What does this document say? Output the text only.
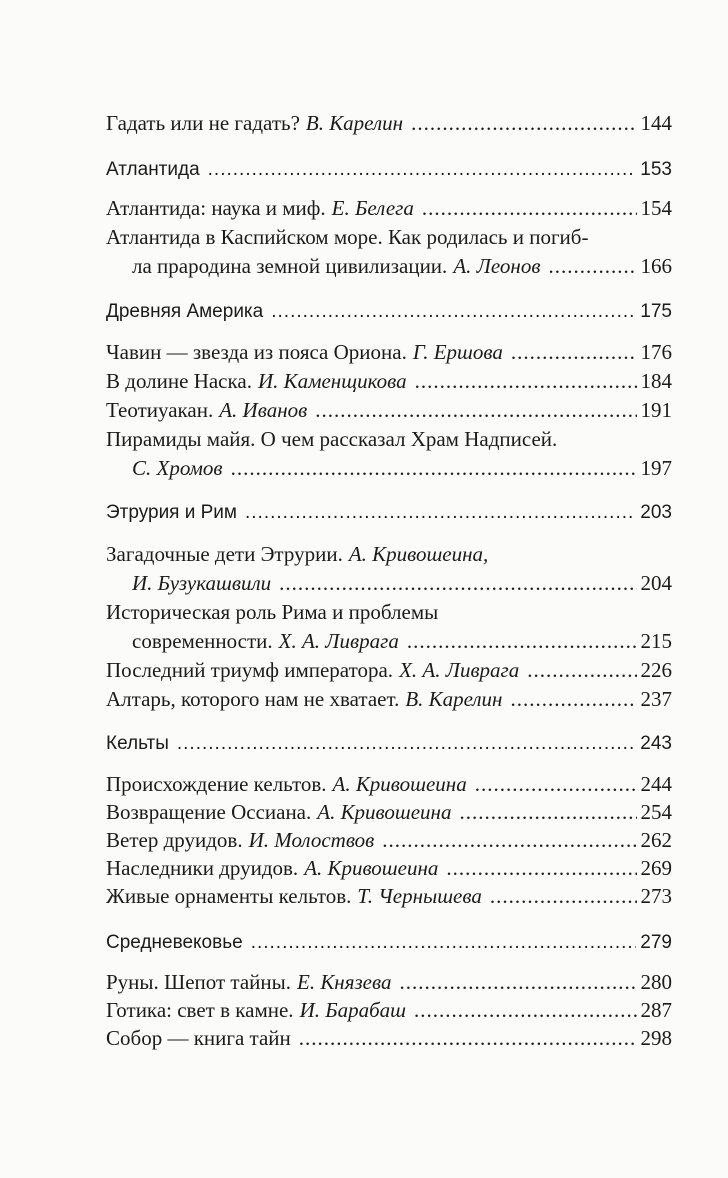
Гадать или не гадать? В. Карелин .....	144
Атлантида .....	153
Атлантида: наука и миф. Е. Белега .....	154
Атлантида в Каспийском море. Как родилась и погиб-
ла прародина земной цивилизации. А. Леонов .....	166
Древняя Америка .....	175
Чавин — звезда из пояса Ориона. Г. Ершова .....	176
В долине Наска. И. Каменщикова .....	184
Теотиуакан. А. Иванов .....	191
Пирамиды майя. О чем рассказал Храм Надписей.
С. Хромов .....	197
Этрурия и Рим .....	203
Загадочные дети Этрурии. А. Кривошеина,
И. Бузукашвили .....	204
Историческая роль Рима и проблемы
современности. Х. А. Ливрага .....	215
Последний триумф императора. Х. А. Ливрага .....	226
Алтарь, которого нам не хватает. В. Карелин .....	237
Кельты .....	243
Происхождение кельтов. А. Кривошеина .....	244
Возвращение Оссиана. А. Кривошеина .....	254
Ветер друидов. И. Молоствов .....	262
Наследники друидов. А. Кривошеина .....	269
Живые орнаменты кельтов. Т. Чернышева .....	273
Средневековье .....	279
Руны. Шепот тайны. Е. Князева .....	280
Готика: свет в камне. И. Барабаш .....	287
Собор — книга тайн .....	298
